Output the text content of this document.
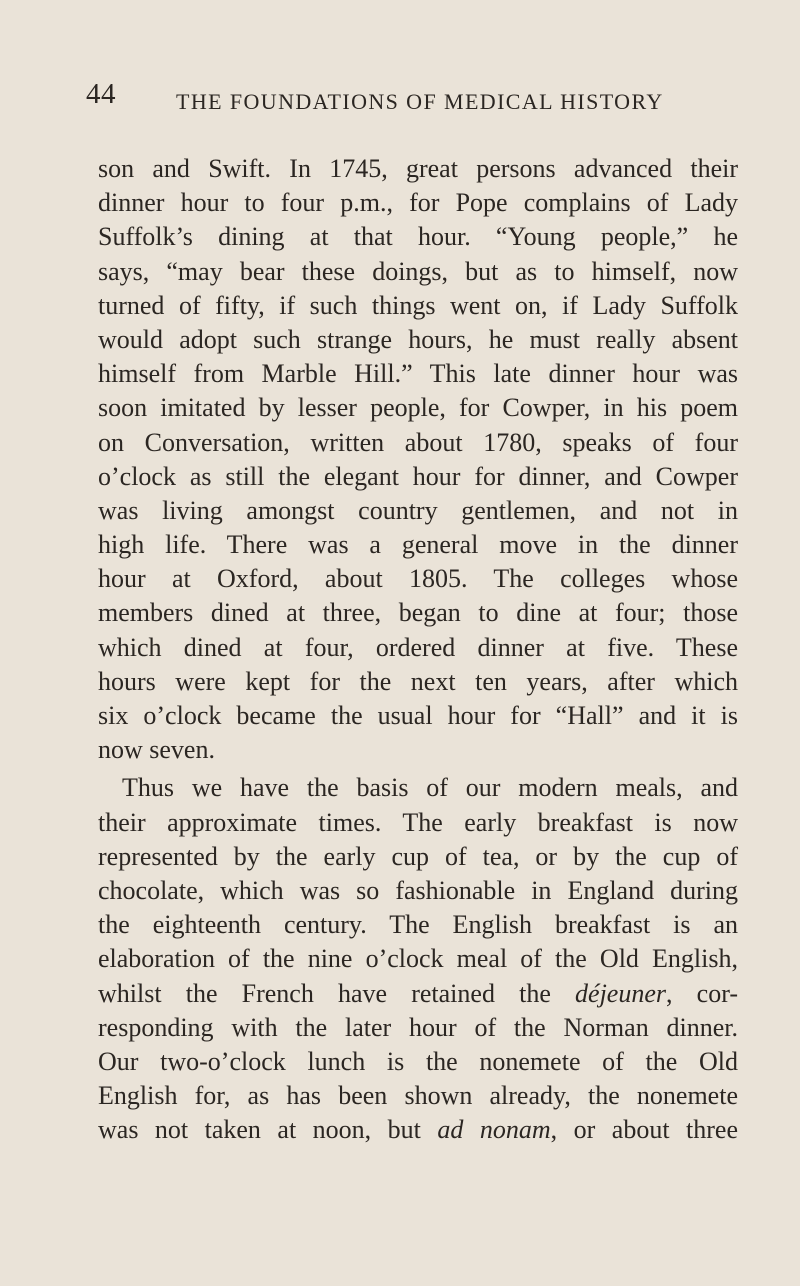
44	THE FOUNDATIONS OF MEDICAL HISTORY
son and Swift. In 1745, great persons advanced their
dinner hour to four p.m., for Pope complains of Lady
Suffolk’s dining at that hour. “Young people,” he
says, “may bear these doings, but as to himself, now
turned of fifty, if such things went on, if Lady Suffolk
would adopt such strange hours, he must really absent
himself from Marble Hill.” This late dinner hour was
soon imitated by lesser people, for Cowper, in his poem
on Conversation, written about 1780, speaks of four
o’clock as still the elegant hour for dinner, and Cowper
was living amongst country gentlemen, and not in
high life. There was a general move in the dinner
hour at Oxford, about 1805. The colleges whose
members dined at three, began to dine at four; those
which dined at four, ordered dinner at five. These
hours were kept for the next ten years, after which
six o’clock became the usual hour for “Hall” and it is
now seven.
Thus we have the basis of our modern meals, and
their approximate times. The early breakfast is now
represented by the early cup of tea, or by the cup of
chocolate, which was so fashionable in England during
the eighteenth century. The English breakfast is an
elaboration of the nine o’clock meal of the Old English,
whilst the French have retained the déjeuner, cor-
responding with the later hour of the Norman dinner.
Our two-o’clock lunch is the nonemete of the Old
English for, as has been shown already, the nonemete
was not taken at noon, but ad nonam, or about three
